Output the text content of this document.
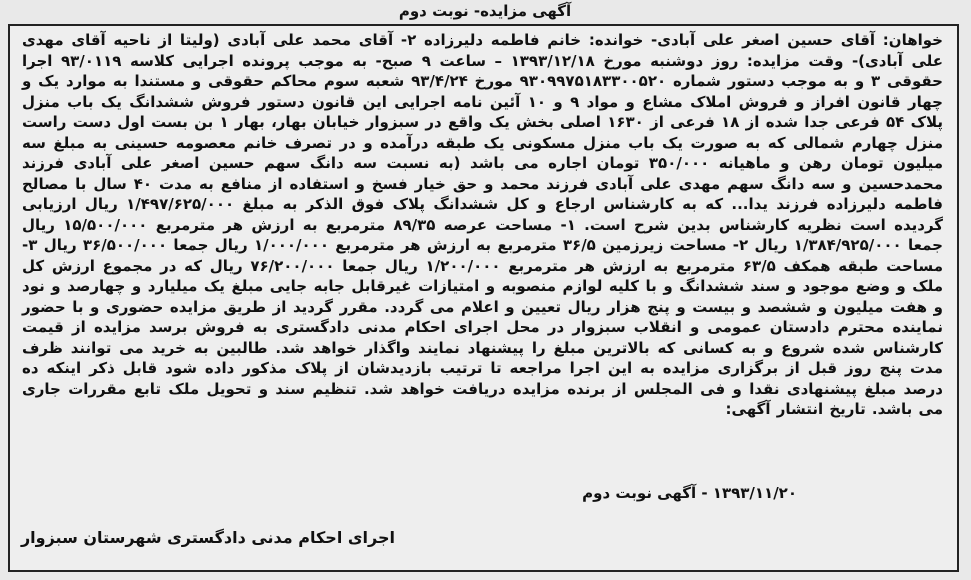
آگهی مزایده- نوبت دوم
خواهان: آقای حسین اصغر علی آبادی- خوانده: خانم فاطمه دلیرزاده ۲- آقای محمد علی آبادی (ولیتا از ناحیه آقای مهدی علی آبادی)- وقت مزایده: روز دوشنبه مورخ ۱۳۹۳/۱۲/۱۸ – ساعت ۹ صبح- به موجب پرونده اجرایی کلاسه ۹۳/۰۱۱۹ اجرا حقوقی ۳ و به موجب دستور شماره ۹۳۰۹۹۷۵۱۸۳۳۰۰۵۲۰ مورخ ۹۳/۴/۲۴ شعبه سوم محاکم حقوقی و مستندا به موارد یک و چهار قانون افراز و فروش املاک مشاع و مواد ۹ و ۱۰ آئین نامه اجرایی این قانون دستور فروش ششدانگ یک باب منزل پلاک ۵۴ فرعی جدا شده از ۱۸ فرعی از ۱۶۳۰ اصلی بخش یک واقع در سبزوار خیابان بهار، بهار ۱ بن بست اول دست راست منزل چهارم شمالی که به صورت یک باب منزل مسکونی یک طبقه درآمده و در تصرف خانم معصومه حسینی به مبلغ سه میلیون تومان رهن و ماهیانه ۳۵۰/۰۰۰ تومان اجاره می باشد (به نسبت سه دانگ سهم حسین اصغر علی آبادی فرزند محمدحسین و سه دانگ سهم مهدی علی آبادی فرزند محمد و حق خیار فسخ و استفاده از منافع به مدت ۴۰ سال با مصالح فاطمه دلیرزاده فرزند یدا... که به کارشناس ارجاع و کل ششدانگ پلاک فوق الذکر به مبلغ ۱/۴۹۷/۶۲۵/۰۰۰ ریال ارزیابی گردیده است نظریه کارشناس بدین شرح است. ۱- مساحت عرصه ۸۹/۳۵ مترمربع به ارزش هر مترمربع ۱۵/۵۰۰/۰۰۰ ریال جمعا ۱/۳۸۴/۹۲۵/۰۰۰ ریال ۲- مساحت زیرزمین ۳۶/۵ مترمربع به ارزش هر مترمربع ۱/۰۰۰/۰۰۰ ریال جمعا ۳۶/۵۰۰/۰۰۰ ریال ۳- مساحت طبقه همکف ۶۳/۵ مترمربع به ارزش هر مترمربع ۱/۲۰۰/۰۰۰ ریال جمعا ۷۶/۲۰۰/۰۰۰ ریال که در مجموع ارزش کل ملک و وضع موجود و سند ششدانگ و با کلیه لوازم منصوبه و امتیازات غیرقابل جابه جایی مبلغ یک میلیارد و چهارصد و نود و هفت میلیون و ششصد و بیست و پنج هزار ریال تعیین و اعلام می گردد. مقرر گردید از طریق مزایده حضوری و با حضور نماینده محترم دادستان عمومی و انقلاب سبزوار در محل اجرای احکام مدنی دادگستری به فروش برسد مزایده از قیمت کارشناس شده شروع و به کسانی که بالاترین مبلغ را پیشنهاد نمایند واگذار خواهد شد. طالبین به خرید می توانند ظرف مدت پنج روز قبل از برگزاری مزایده به این اجرا مراجعه تا ترتیب بازدیدشان از پلاک مذکور داده شود قابل ذکر اینکه ده درصد مبلغ پیشنهادی نقدا و فی المجلس از برنده مزایده دریافت خواهد شد. تنظیم سند و تحویل ملک تابع مقررات جاری می باشد. تاریخ انتشار آگهی:
۱۳۹۳/۱۱/۲۰ - آگهی نوبت دوم
اجرای احکام مدنی دادگستری شهرستان سبزوار
